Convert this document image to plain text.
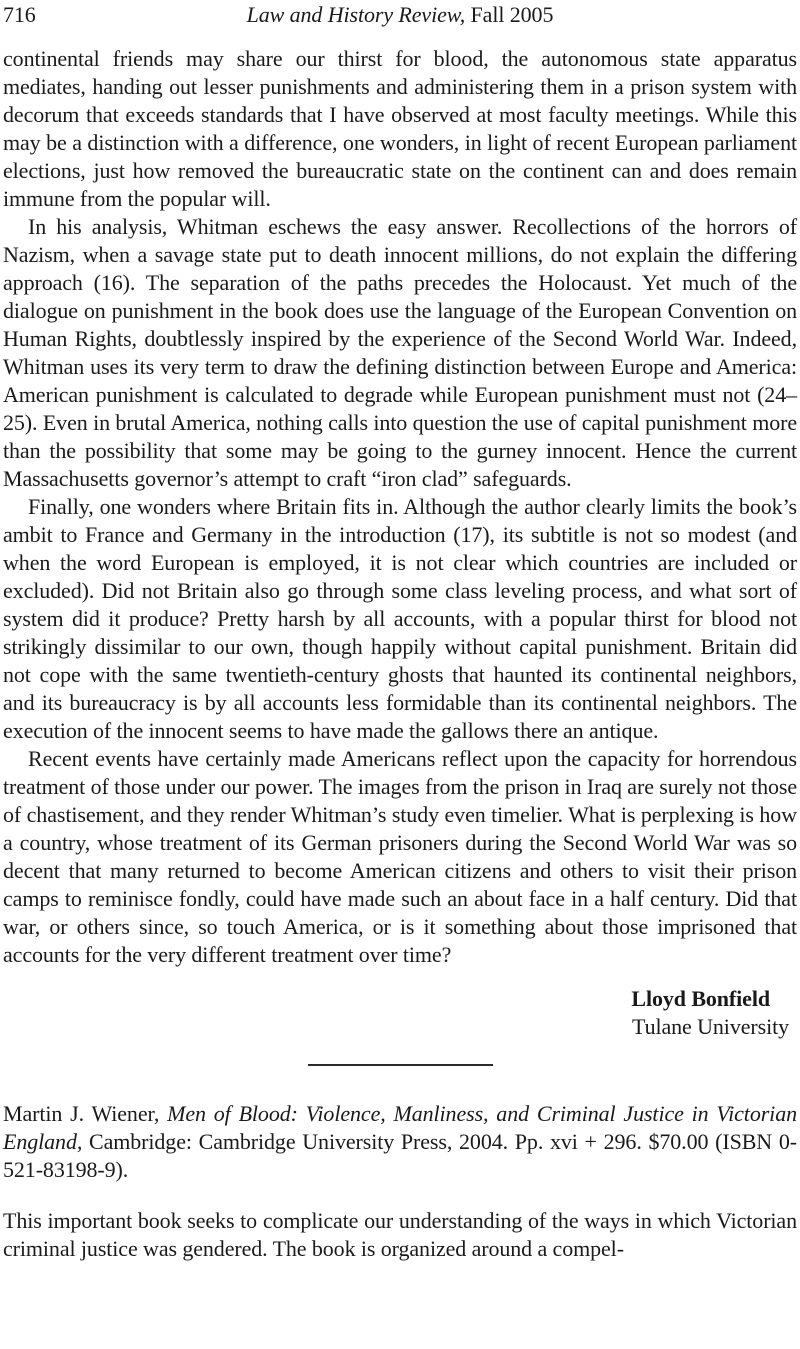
716	Law and History Review, Fall 2005

continental friends may share our thirst for blood, the autonomous state apparatus mediates, handing out lesser punishments and administering them in a prison system with decorum that exceeds standards that I have observed at most faculty meetings. While this may be a distinction with a difference, one wonders, in light of recent European parliament elections, just how removed the bureaucratic state on the continent can and does remain immune from the popular will.

In his analysis, Whitman eschews the easy answer. Recollections of the horrors of Nazism, when a savage state put to death innocent millions, do not explain the differing approach (16). The separation of the paths precedes the Holocaust. Yet much of the dialogue on punishment in the book does use the language of the European Convention on Human Rights, doubtlessly inspired by the experience of the Second World War. Indeed, Whitman uses its very term to draw the defining distinction between Europe and America: American punishment is calculated to degrade while European punishment must not (24–25). Even in brutal America, nothing calls into question the use of capital punishment more than the possibility that some may be going to the gurney innocent. Hence the current Massachusetts governor’s attempt to craft “iron clad” safeguards.

Finally, one wonders where Britain fits in. Although the author clearly limits the book’s ambit to France and Germany in the introduction (17), its subtitle is not so modest (and when the word European is employed, it is not clear which countries are included or excluded). Did not Britain also go through some class leveling process, and what sort of system did it produce? Pretty harsh by all accounts, with a popular thirst for blood not strikingly dissimilar to our own, though happily without capital punishment. Britain did not cope with the same twentieth-century ghosts that haunted its continental neighbors, and its bureaucracy is by all accounts less formidable than its continental neighbors. The execution of the innocent seems to have made the gallows there an antique.

Recent events have certainly made Americans reflect upon the capacity for horrendous treatment of those under our power. The images from the prison in Iraq are surely not those of chastisement, and they render Whitman’s study even timelier. What is perplexing is how a country, whose treatment of its German prisoners during the Second World War was so decent that many returned to become American citizens and others to visit their prison camps to reminisce fondly, could have made such an about face in a half century. Did that war, or others since, so touch America, or is it something about those imprisoned that accounts for the very different treatment over time?

Lloyd Bonfield
Tulane University

Martin J. Wiener, Men of Blood: Violence, Manliness, and Criminal Justice in Victorian England, Cambridge: Cambridge University Press, 2004. Pp. xvi + 296. $70.00 (ISBN 0-521-83198-9).

This important book seeks to complicate our understanding of the ways in which Victorian criminal justice was gendered. The book is organized around a compel-
